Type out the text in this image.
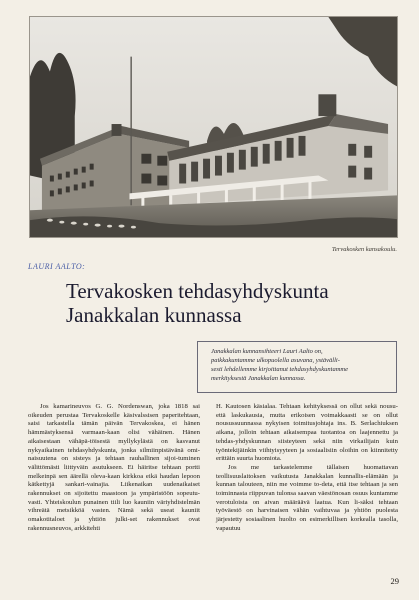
Tervakosken kansakoulu.
LAURI AALTO:
Tervakosken tehdasyhdyskunta
Janakkalan kunnassa
Janakkalan kunnansihteeri Lauri Aalto on,
paikkakuntamme ulkopuolella asuvana, ystävälli-
sesti lehdellemme kirjoittanut tehdasyhdyskuntamme
merkityksestä Janakkalan kunnassa.

Jos kamarineuvos G. G. Nordenswan, joka 1818 sai oikeuden perustaa Tervakoskelle käsivalssisen paperitehtaan, saisi tarkastella tämän päivän Tervakoskea, ei hänen hämmästyksensä varmaan-kaan olisi vähäinen. Hänen aikaisestaan vähäpä-töisestä myllykylästä on kasvanut nykyaikainen tehdasyhdyskunta, jonka silmiinpistävänä omi-naisuutena on sisteys ja tehtaan rauhallinen sijoi-tuminen välittömästi liittyväin asutukseen. Ei häiritse tehtaan portti melkeinpä sen äärellä oleva-kaan kirkkoa eikä haudan lepoon kätkettyjä sankari-vainajia. Liikenaikan uudenaikaiset rakennukset on sijoitettu maastoon ja ympäristöön sopeutu-vasti. Yhteiskoulun punainen tiili luo kauniin väriyhdistelmän vihreätä metsikköä vasten. Nämä sekä useat kauniit omakotitaloet ja yhtiön julki-set rakennukset ovat rakennusneuvos, arkkitehti

H. Kautosen käsialaa. Tehtaan kehityksessä on ollut sekä nousu- että laskukausia, mutta erikoisen voimakkaasti se on ollut nousussuunnassa nykyisen toimitusjohtaja ins. B. Serlachiuksen aikana, jolloin tehtaan aikaisempaa tuotantoa on laajennettu ja tehdas-yhdyskunnan siisteyteen sekä niin virkailijain kuin työntekijäinkin viihtyisyyteen ja sosiaalisiin oloihin on kiinnitetty erittäin suurta huomiota.

Jos me tarkastelemme tällaisen huomattavan teollisuuslaitoksen vaikutusta Janakkalan kunnallis-elämään ja kunnan talouteen, niin me voimme to-deta, että itse tehtaan ja sen toiminnasta riippuvan tulonsa saavan väestönosan osuus kuntamme verotuloista on aivan määräävä laatua. Kun li-säksi tehtaan työväestö on harvinaisen vähän vaihtuvaa ja yhtiön puolesta järjestetty sosiaalinen huolto on esimerkillisen korkealla tasolla, vapautuu

29
